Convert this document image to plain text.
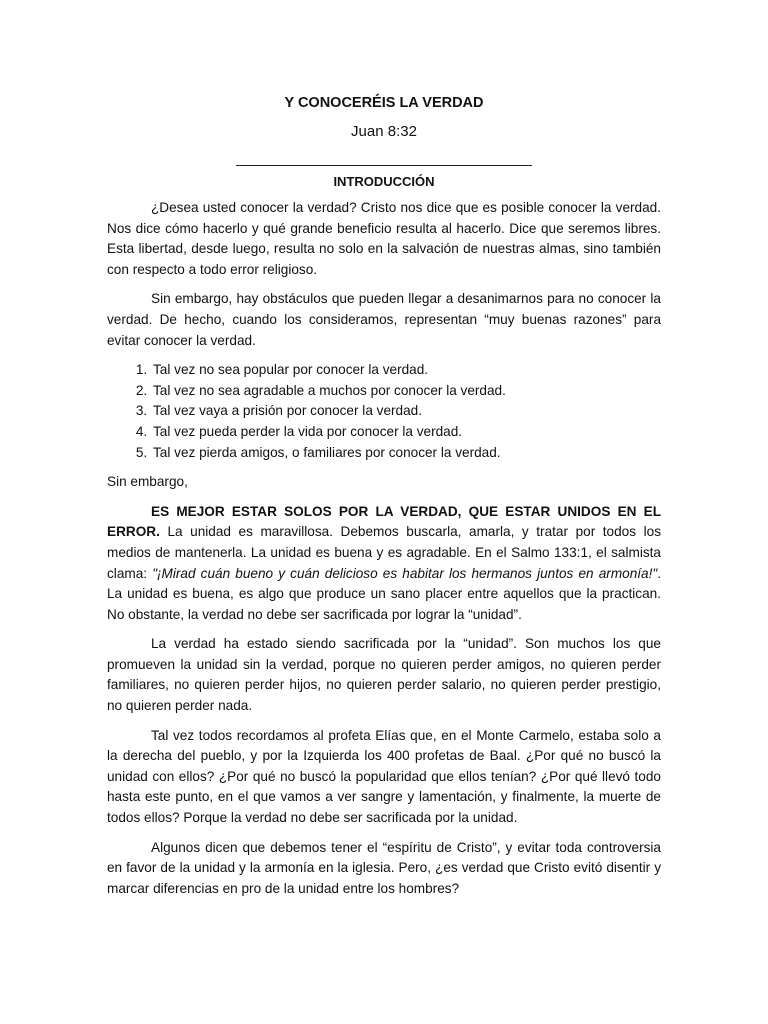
Y CONOCERÉIS LA VERDAD
Juan 8:32
INTRODUCCIÓN

¿Desea usted conocer la verdad? Cristo nos dice que es posible conocer la verdad. Nos dice cómo hacerlo y qué grande beneficio resulta al hacerlo. Dice que seremos libres. Esta libertad, desde luego, resulta no solo en la salvación de nuestras almas, sino también con respecto a todo error religioso.

Sin embargo, hay obstáculos que pueden llegar a desanimarnos para no conocer la verdad. De hecho, cuando los consideramos, representan “muy buenas razones” para evitar conocer la verdad.

1. Tal vez no sea popular por conocer la verdad.
2. Tal vez no sea agradable a muchos por conocer la verdad.
3. Tal vez vaya a prisión por conocer la verdad.
4. Tal vez pueda perder la vida por conocer la verdad.
5. Tal vez pierda amigos, o familiares por conocer la verdad.

Sin embargo,

ES MEJOR ESTAR SOLOS POR LA VERDAD, QUE ESTAR UNIDOS EN EL ERROR. La unidad es maravillosa. Debemos buscarla, amarla, y tratar por todos los medios de mantenerla. La unidad es buena y es agradable. En el Salmo 133:1, el salmista clama: "¡Mirad cuán bueno y cuán delicioso es habitar los hermanos juntos en armonía!". La unidad es buena, es algo que produce un sano placer entre aquellos que la practican. No obstante, la verdad no debe ser sacrificada por lograr la “unidad”.

La verdad ha estado siendo sacrificada por la “unidad”. Son muchos los que promueven la unidad sin la verdad, porque no quieren perder amigos, no quieren perder familiares, no quieren perder hijos, no quieren perder salario, no quieren perder prestigio, no quieren perder nada.

Tal vez todos recordamos al profeta Elías que, en el Monte Carmelo, estaba solo a la derecha del pueblo, y por la Izquierda los 400 profetas de Baal. ¿Por qué no buscó la unidad con ellos? ¿Por qué no buscó la popularidad que ellos tenían? ¿Por qué llevó todo hasta este punto, en el que vamos a ver sangre y lamentación, y finalmente, la muerte de todos ellos? Porque la verdad no debe ser sacrificada por la unidad.

Algunos dicen que debemos tener el “espíritu de Cristo”, y evitar toda controversia en favor de la unidad y la armonía en la iglesia. Pero, ¿es verdad que Cristo evitó disentir y marcar diferencias en pro de la unidad entre los hombres?
